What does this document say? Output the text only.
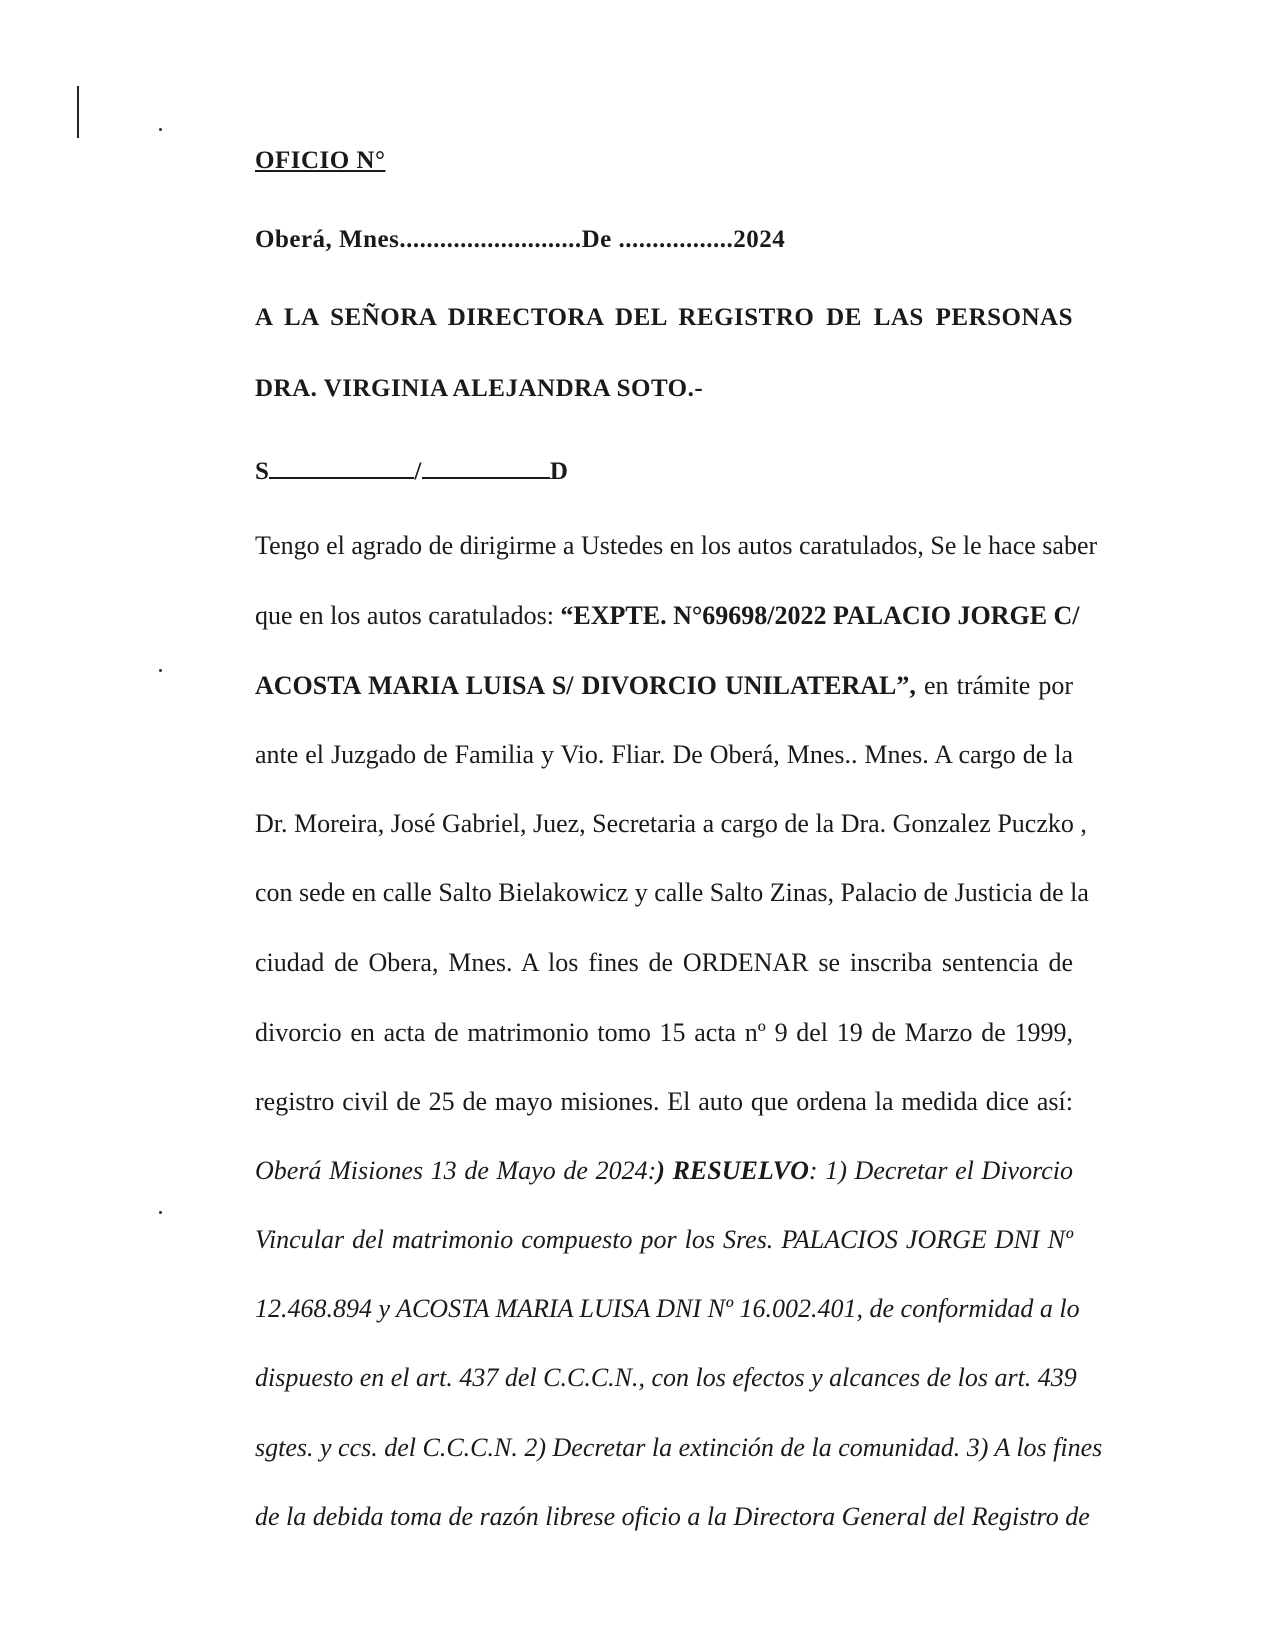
OFICIO N°
Oberá, Mnes...........................De .................2024
A LA SEÑORA DIRECTORA DEL REGISTRO DE LAS PERSONAS
DRA. VIRGINIA ALEJANDRA SOTO.-
S	/	D
Tengo el agrado de dirigirme a Ustedes en los autos caratulados, Se le hace saber
que en los autos caratulados: “EXPTE. N°69698/2022 PALACIO JORGE C/
ACOSTA MARIA LUISA S/ DIVORCIO UNILATERAL”, en trámite por
ante el Juzgado de Familia y Vio. Fliar. De Oberá, Mnes.. Mnes. A cargo de la
Dr. Moreira, José Gabriel, Juez, Secretaria a cargo de la Dra. Gonzalez Puczko ,
con sede en calle Salto Bielakowicz y calle Salto Zinas, Palacio de Justicia de la
ciudad de Obera, Mnes. A los fines de ORDENAR se inscriba sentencia de
divorcio en acta de matrimonio tomo 15 acta nº 9 del 19 de Marzo de 1999,
registro civil de 25 de mayo misiones. El auto que ordena la medida dice así:
Oberá Misiones 13 de Mayo de 2024:) RESUELVO: 1) Decretar el Divorcio
Vincular del matrimonio compuesto por los Sres. PALACIOS JORGE DNI Nº
12.468.894 y ACOSTA MARIA LUISA DNI Nº 16.002.401, de conformidad a lo
dispuesto en el art. 437 del C.C.C.N., con los efectos y alcances de los art. 439
sgtes. y ccs. del C.C.C.N. 2) Decretar la extinción de la comunidad. 3) A los fines
de la debida toma de razón librese oficio a la Directora General del Registro de
